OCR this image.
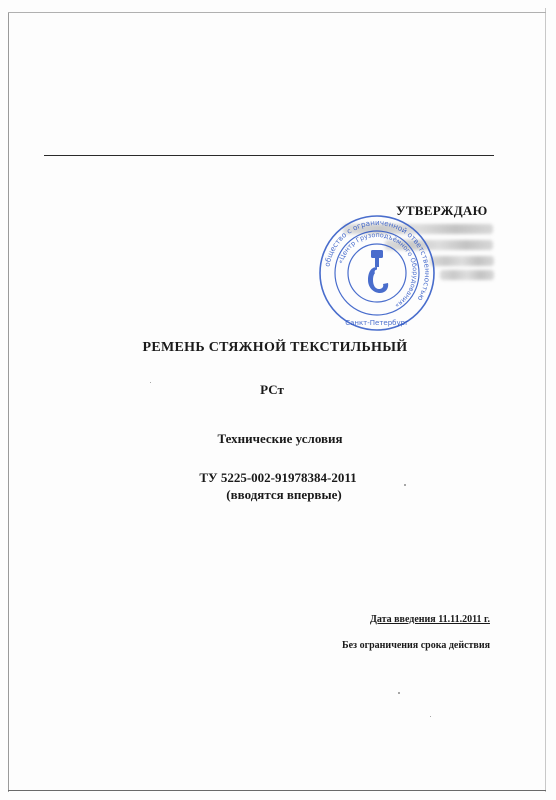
УТВЕРЖДАЮ
общество с ограниченной ответственностью
«Центр Грузоподъёмного Оборудования»
Санкт-Петербург
РЕМЕНЬ СТЯЖНОЙ ТЕКСТИЛЬНЫЙ
РСт
Технические условия
ТУ 5225-002-91978384-2011
(вводятся впервые)
Дата введения 11.11.2011 г.
Без ограничения срока действия
